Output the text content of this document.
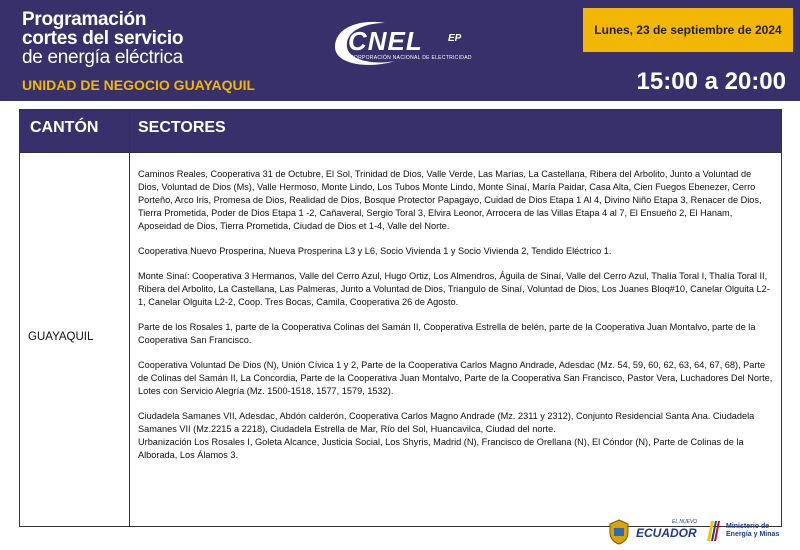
Programación
cortes del servicio
de energía eléctrica
UNIDAD DE NEGOCIO GUAYAQUIL
CNEL	EP
CORPORACIÓN NACIONAL DE ELECTRICIDAD
Lunes, 23 de septiembre de 2024
15:00 a 20:00
CANTÓN SECTORES
GUAYAQUIL

Caminos Reales, Cooperativa 31 de Octubre, El Sol, Trinidad de Dios, Valle Verde, Las Marías, La Castellana, Ribera del Arbolito, Junto a Voluntad de Dios, Voluntad de Dios (Ms), Valle Hermoso, Monte Lindo, Los Tubos Monte Lindo, Monte Sinaí, María Paidar, Casa Alta, Cien Fuegos Ebenezer, Cerro Porteño, Arco Iris, Promesa de Dios, Realidad de Dios, Bosque Protector Papagayo, Cuidad de Dios Etapa 1 Al 4, Divino Niño Etapa 3, Renacer de Dios, Tierra Prometida, Poder de Dios Etapa 1 -2, Cañaveral, Sergio Toral 3, Elvira Leonor, Arrocera de las Villas Etapa 4 al 7, El Ensueño 2, El Hanam, Aposeidad de Dios, Tierra Prometida, Ciudad de Dios et 1-4, Valle del Norte.

Cooperativa Nuevo Prosperina, Nueva Prosperina L3 y L6, Socio Vivienda 1 y Socio Vivienda 2, Tendido Eléctrico 1.

Monte Sinaí: Cooperativa 3 Hermanos, Valle del Cerro Azul, Hugo Ortiz, Los Almendros, Águila de Sinaí, Valle del Cerro Azul, Thalía Toral I, Thalía Toral II, Ribera del Arbolito, La Castellana, Las Palmeras, Junto a Voluntad de Dios, Triangulo de Sinaí, Voluntad de Dios, Los Juanes Bloq#10, Canelar Olguita L2-1, Canelar Olguita L2-2, Coop. Tres Bocas, Camila, Cooperativa 26 de Agosto.

Parte de los Rosales 1, parte de la Cooperativa Colinas del Samán II, Cooperativa Estrella de belén, parte de la Cooperativa Juan Montalvo, parte de la Cooperativa San Francisco.

Cooperativa Voluntad De Dios (N), Unión Cívica 1 y 2, Parte de la Cooperativa Carlos Magno Andrade, Adesdac (Mz. 54, 59, 60, 62, 63, 64, 67, 68), Parte de Colinas del Samán II, La Concordia, Parte de la Cooperativa Juan Montalvo, Parte de la Cooperativa San Francisco, Pastor Vera, Luchadores Del Norte, Lotes con Servicio Alegría (Mz. 1500-1518, 1577, 1579, 1532).

Ciudadela Samanes VII, Adesdac, Abdón calderón, Cooperativa Carlos Magno Andrade (Mz. 2311 y 2312), Conjunto Residencial Santa Ana. Ciudadela Samanes VII (Mz.2215 a 2218), Ciudadela Estrella de Mar, Río del Sol, Huancavilca, Ciudad del norte.

Urbanización Los Rosales I, Goleta Alcance, Justicia Social, Los Shyris, Madrid (N), Francisco de Orellana (N), El Cóndor (N), Parte de Colinas de la Alborada, Los Álamos 3.

EL NUEVO
ECUADOR	Ministerio de
Energía y Minas
